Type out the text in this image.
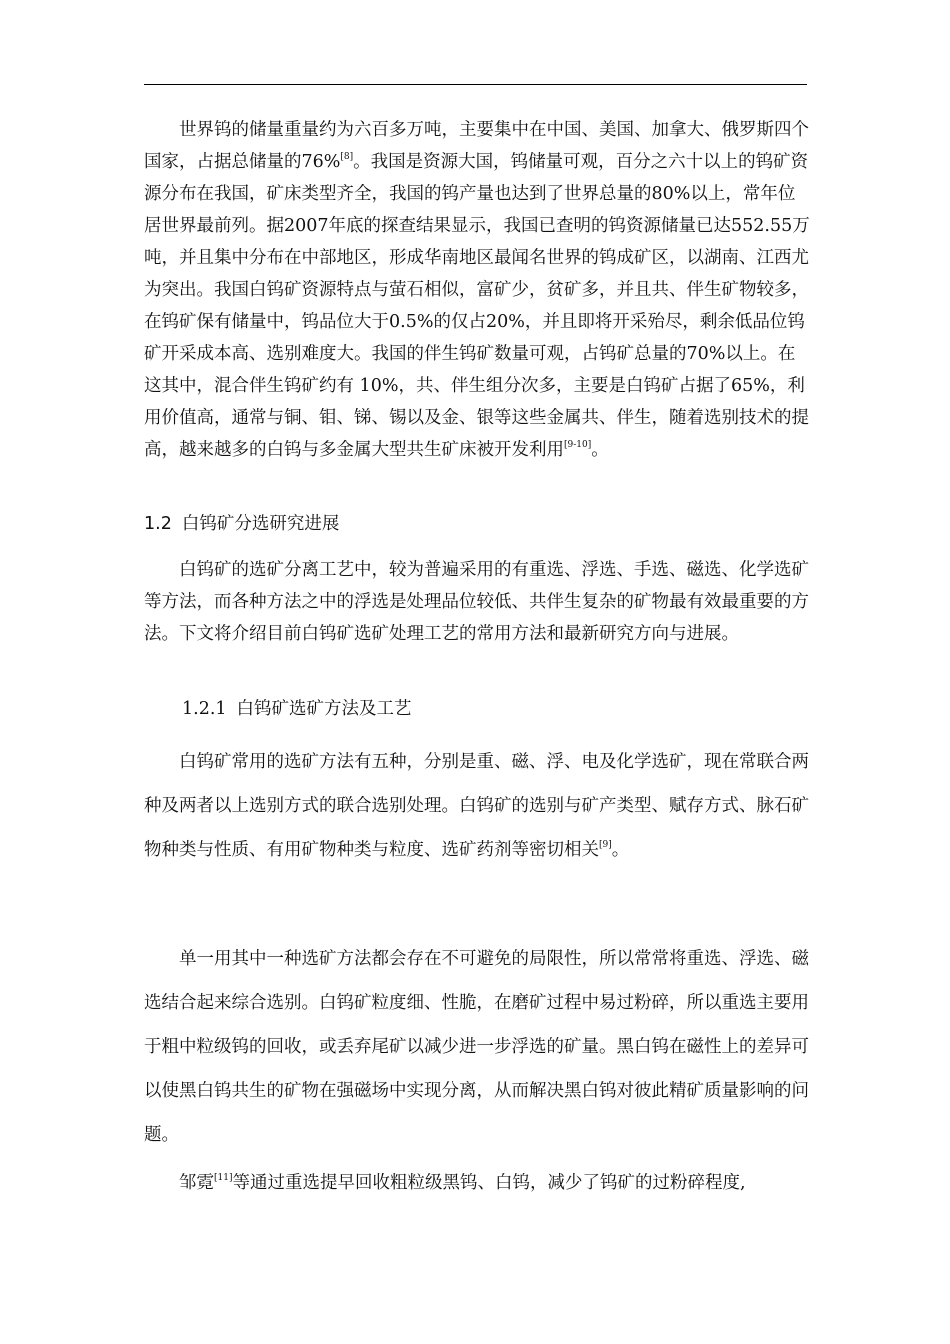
世界钨的储量重量约为六百多万吨，主要集中在中国、美国、加拿大、俄罗斯四个国家，占据总储量的76%[8]。我国是资源大国，钨储量可观，百分之六十以上的钨矿资源分布在我国，矿床类型齐全，我国的钨产量也达到了世界总量的80%以上，常年位居世界最前列。据2007年底的探查结果显示，我国已查明的钨资源储量已达552.55万吨，并且集中分布在中部地区，形成华南地区最闻名世界的钨成矿区，以湖南、江西尤为突出。我国白钨矿资源特点与萤石相似，富矿少，贫矿多，并且共、伴生矿物较多，在钨矿保有储量中，钨品位大于0.5%的仅占20%，并且即将开采殆尽，剩余低品位钨矿开采成本高、选别难度大。我国的伴生钨矿数量可观，占钨矿总量的70%以上。在这其中，混合伴生钨矿约有 10%，共、伴生组分次多，主要是白钨矿占据了65%，利用价值高，通常与铜、钼、锑、锡以及金、银等这些金属共、伴生，随着选别技术的提高，越来越多的白钨与多金属大型共生矿床被开发利用[9-10]。

1.2 白钨矿分选研究进展

白钨矿的选矿分离工艺中，较为普遍采用的有重选、浮选、手选、磁选、化学选矿等方法，而各种方法之中的浮选是处理品位较低、共伴生复杂的矿物最有效最重要的方法。下文将介绍目前白钨矿选矿处理工艺的常用方法和最新研究方向与进展。

1.2.1 白钨矿选矿方法及工艺

白钨矿常用的选矿方法有五种，分别是重、磁、浮、电及化学选矿，现在常联合两种及两者以上选别方式的联合选别处理。白钨矿的选别与矿产类型、赋存方式、脉石矿物种类与性质、有用矿物种类与粒度、选矿药剂等密切相关[9]。

单一用其中一种选矿方法都会存在不可避免的局限性，所以常常将重选、浮选、磁选结合起来综合选别。白钨矿粒度细、性脆，在磨矿过程中易过粉碎，所以重选主要用于粗中粒级钨的回收，或丢弃尾矿以减少进一步浮选的矿量。黑白钨在磁性上的差异可以使黑白钨共生的矿物在强磁场中实现分离，从而解决黑白钨对彼此精矿质量影响的问题。

邹霓[11]等通过重选提早回收粗粒级黑钨、白钨，减少了钨矿的过粉碎程度,
